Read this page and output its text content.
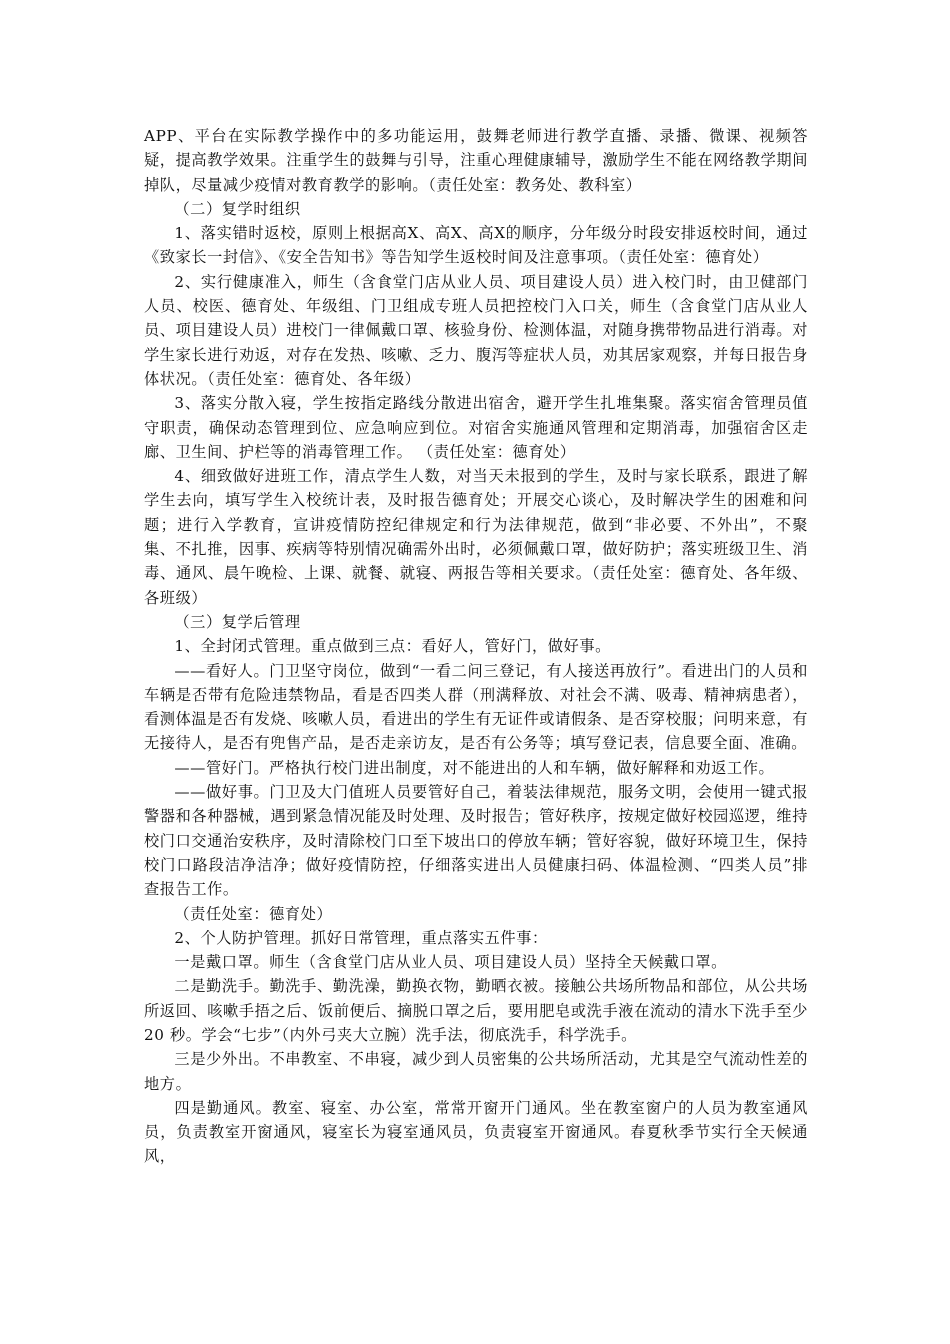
APP、平台在实际教学操作中的多功能运用，鼓舞老师进行教学直播、录播、微课、视频答疑，提高教学效果。注重学生的鼓舞与引导，注重心理健康辅导，激励学生不能在网络教学期间掉队，尽量减少疫情对教育教学的影响。（责任处室：教务处、教科室）

（二）复学时组织

1、落实错时返校，原则上根据高X、高X、高X的顺序，分年级分时段安排返校时间，通过《致家长一封信》、《安全告知书》等告知学生返校时间及注意事项。（责任处室：德育处）

2、实行健康准入，师生（含食堂门店从业人员、项目建设人员）进入校门时，由卫健部门人员、校医、德育处、年级组、门卫组成专班人员把控校门入口关，师生（含食堂门店从业人员、项目建设人员）进校门一律佩戴口罩、核验身份、检测体温，对随身携带物品进行消毒。对学生家长进行劝返，对存在发热、咳嗽、乏力、腹泻等症状人员，劝其居家观察，并每日报告身体状况。（责任处室：德育处、各年级）

3、落实分散入寝，学生按指定路线分散进出宿舍，避开学生扎堆集聚。落实宿舍管理员值守职责，确保动态管理到位、应急响应到位。对宿舍实施通风管理和定期消毒，加强宿舍区走廊、卫生间、护栏等的消毒管理工作。 （责任处室：德育处）

4、细致做好进班工作，清点学生人数，对当天未报到的学生，及时与家长联系，跟进了解学生去向，填写学生入校统计表，及时报告德育处；开展交心谈心，及时解决学生的困难和问题；进行入学教育，宣讲疫情防控纪律规定和行为法律规范，做到“非必要、不外出”，不聚集、不扎推，因事、疾病等特别情况确需外出时，必须佩戴口罩，做好防护；落实班级卫生、消毒、通风、晨午晚检、上课、就餐、就寝、两报告等相关要求。（责任处室：德育处、各年级、各班级）

（三）复学后管理

1、全封闭式管理。重点做到三点：看好人，管好门，做好事。

——看好人。门卫坚守岗位，做到“一看二问三登记，有人接送再放行”。看进出门的人员和车辆是否带有危险违禁物品，看是否四类人群（刑满释放、对社会不满、吸毒、精神病患者），看测体温是否有发烧、咳嗽人员，看进出的学生有无证件或请假条、是否穿校服；问明来意，有无接待人，是否有兜售产品，是否走亲访友，是否有公务等；填写登记表，信息要全面、准确。

——管好门。严格执行校门进出制度，对不能进出的人和车辆，做好解释和劝返工作。

——做好事。门卫及大门值班人员要管好自己，着装法律规范，服务文明，会使用一键式报警器和各种器械，遇到紧急情况能及时处理、及时报告；管好秩序，按规定做好校园巡逻，维持校门口交通治安秩序，及时清除校门口至下坡出口的停放车辆；管好容貌，做好环境卫生，保持校门口路段洁净洁净；做好疫情防控，仔细落实进出人员健康扫码、体温检测、“四类人员”排查报告工作。

（责任处室：德育处）

2、个人防护管理。抓好日常管理，重点落实五件事：

一是戴口罩。师生（含食堂门店从业人员、项目建设人员）坚持全天候戴口罩。

二是勤洗手。勤洗手、勤洗澡，勤换衣物，勤晒衣被。接触公共场所物品和部位，从公共场所返回、咳嗽手捂之后、饭前便后、摘脱口罩之后，要用肥皂或洗手液在流动的清水下洗手至少 20 秒。学会“七步”（内外弓夹大立腕）洗手法，彻底洗手，科学洗手。

三是少外出。不串教室、不串寝，减少到人员密集的公共场所活动，尤其是空气流动性差的地方。

四是勤通风。教室、寝室、办公室，常常开窗开门通风。坐在教室窗户的人员为教室通风员，负责教室开窗通风，寝室长为寝室通风员，负责寝室开窗通风。春夏秋季节实行全天候通风，
